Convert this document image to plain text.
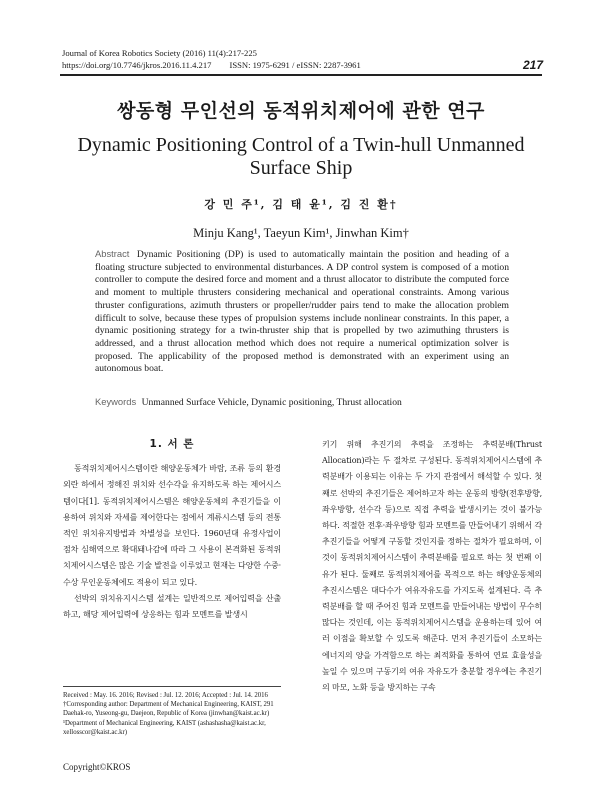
Journal of Korea Robotics Society (2016) 11(4):217-225
https://doi.org/10.7746/jkros.2016.11.4.217 ISSN: 1975-6291 / eISSN: 2287-3961	217
쌍동형 무인선의 동적위치제어에 관한 연구
Dynamic Positioning Control of a Twin-hull Unmanned
Surface Ship
강 민 주¹, 김 태 윤¹, 김 진 환†
Minju Kang¹, Taeyun Kim¹, Jinwhan Kim†
Abstract Dynamic Positioning (DP) is used to automatically maintain the position and heading of a floating structure subjected to environmental disturbances. A DP control system is composed of a motion controller to compute the desired force and moment and a thrust allocator to distribute the computed force and moment to multiple thrusters considering mechanical and operational constraints. Among various thruster configurations, azimuth thrusters or propeller/rudder pairs tend to make the allocation problem difficult to solve, because these types of propulsion systems include nonlinear constraints. In this paper, a dynamic positioning strategy for a twin-thruster ship that is propelled by two azimuthing thrusters is addressed, and a thrust allocation method which does not require a numerical optimization solver is proposed. The applicability of the proposed method is demonstrated with an experiment using an autonomous boat.
Keywords Unmanned Surface Vehicle, Dynamic positioning, Thrust allocation
1. 서 론

동적위치제어시스템이란 해양운동체가 바람, 조류 등의 환경외란 하에서 정해진 위치와 선수각을 유지하도록 하는 제어시스템이다[1]. 동적위치제어시스템은 해양운동체의 추진기들을 이용하여 위치와 자세를 제어한다는 점에서 계류시스템 등의 전통적인 위치유지방법과 차별성을 보인다. 1960년대 유정사업이 점차 심해역으로 확대돼나감에 따라 그 사용이 본격화된 동적위치제어시스템은 많은 기술 발전을 이루었고 현재는 다양한 수중·수상 무인운동체에도 적용이 되고 있다.

선박의 위치유지시스템 설계는 일반적으로 제어입력을 산출하고, 해당 제어입력에 상응하는 힘과 모멘트를 발생시

키기 위해 추진기의 추력을 조정하는 추력분배(Thrust Allocation)라는 두 절차로 구성된다. 동적위치제어시스템에 추력분배가 이용되는 이유는 두 가지 관점에서 해석할 수 있다. 첫째로 선박의 추진기들은 제어하고자 하는 운동의 방향(전후방향, 좌우방향, 선수각 등)으로 직접 추력을 발생시키는 것이 불가능하다. 적절한 전후·좌우방향 힘과 모멘트를 만들어내기 위해서 각 추진기들을 어떻게 구동할 것인지를 정하는 절차가 필요하며, 이것이 동적위치제어시스템이 추력분배를 필요로 하는 첫 번째 이유가 된다. 둘째로 동적위치제어를 목적으로 하는 해양운동체의 추진시스템은 대다수가 여유자유도를 가지도록 설계된다. 즉 추력분배를 할 때 주어진 힘과 모멘트를 만들어내는 방법이 무수히 많다는 것인데, 이는 동적위치제어시스템을 운용하는데 있어 여러 이점을 확보할 수 있도록 해준다. 먼저 추진기들이 소모하는 에너지의 양을 가격함으로 하는 최적화를 통하여 연료 효율성을 높일 수 있으며 구동기의 여유 자유도가 충분할 경우에는 추진기의 마모, 노화 등을 방지하는 구속

Received : May. 16. 2016; Revised : Jul. 12. 2016; Accepted : Jul. 14. 2016
†Corresponding author: Department of Mechanical Engineering, KAIST, 291 Daehak-ro, Yuseong-gu, Daejeon, Republic of Korea (jinwhan@kaist.ac.kr)
¹Department of Mechanical Engineering, KAIST (ashashasha@kaist.ac.kr, xellosscor@kaist.ac.kr)
Copyright©KROS
